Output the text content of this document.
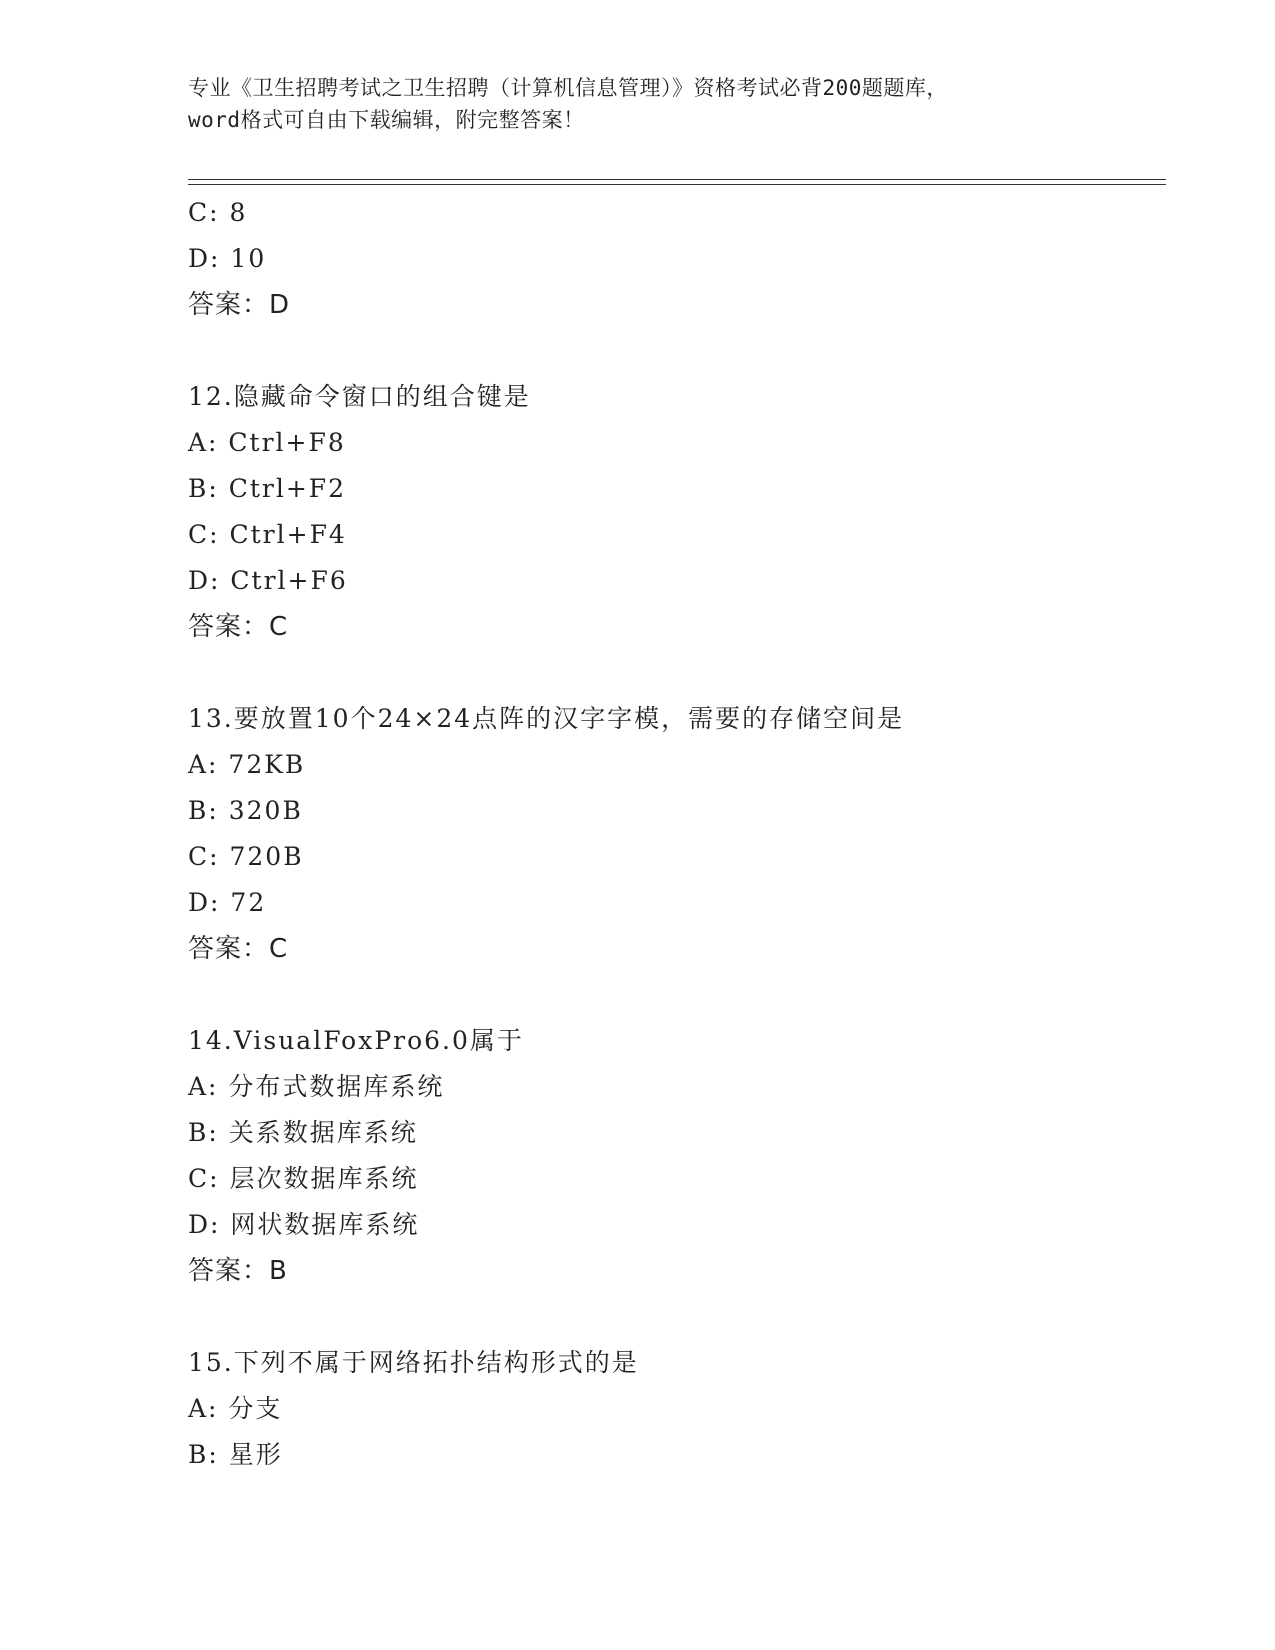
专业《卫生招聘考试之卫生招聘（计算机信息管理）》资格考试必背200题题库，
word格式可自由下载编辑，附完整答案！
C: 8
D: 10
答案：D
12.隐藏命令窗口的组合键是
A: Ctrl+F8
B: Ctrl+F2
C: Ctrl+F4
D: Ctrl+F6
答案：C
13.要放置10个24×24点阵的汉字字模，需要的存储空间是
A: 72KB
B: 320B
C: 720B
D: 72
答案：C
14.VisualFoxPro6.0属于
A: 分布式数据库系统
B: 关系数据库系统
C: 层次数据库系统
D: 网状数据库系统
答案：B
15.下列不属于网络拓扑结构形式的是
A: 分支
B: 星形
